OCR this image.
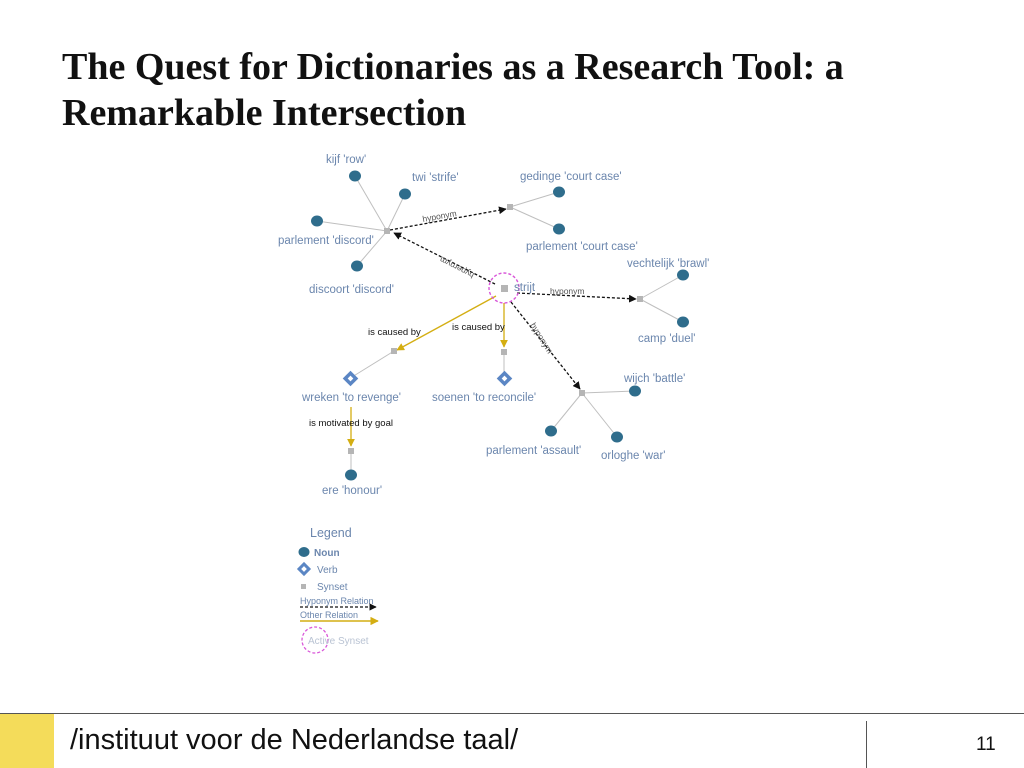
The Quest for Dictionaries as a Research Tool: a Remarkable Intersection
kijf 'row'
twi 'strife'	gedinge 'court case'
parlement 'discord'	parlement 'court case'
discoort 'discord'
vechtelijk 'brawl'
camp 'duel'
wijch 'battle'
parlement 'assault' orloghe 'war'
ere 'honour'
wreken 'to revenge'	soenen 'to reconcile'
strijt
hyponym
hypernym
hyponym
hyponym
is caused by	is caused by
is motivated by goal
Legend
Noun
Verb
Synset
Hyponym Relation
Other Relation
Active Synset
/instituut voor de Nederlandse taal/	11
